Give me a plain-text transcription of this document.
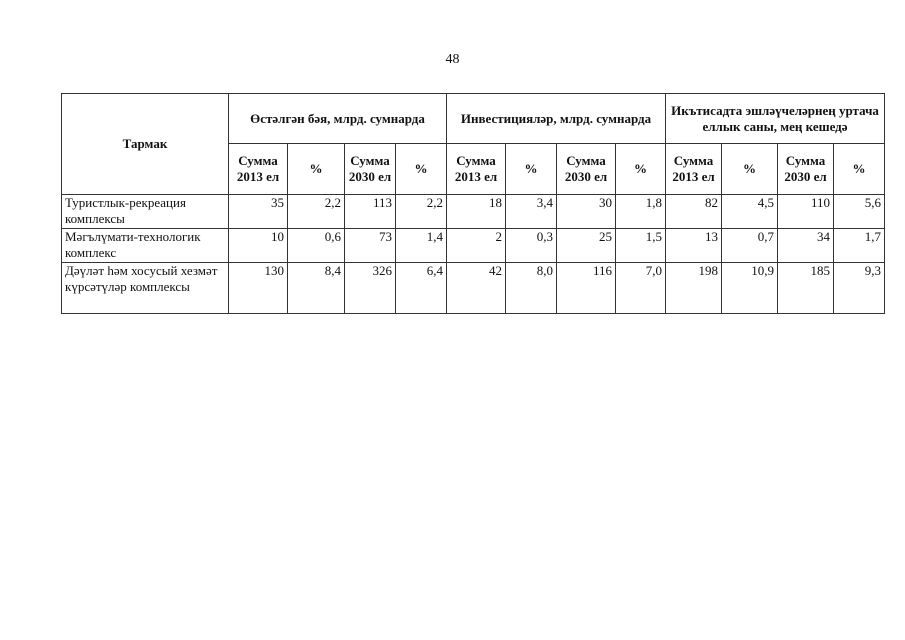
48
Тармак	Өстәлгән бәя, млрд. сумнарда				Инвестицияләр, млрд. сумнарда				Икътисадта эшләүчеләрнең уртача еллык саны, мең кешедә			
	Сумма 2013 ел	%	Сумма 2030 ел	%	Сумма 2013 ел	%	Сумма 2030 ел	%	Сумма 2013 ел	%	Сумма 2030 ел	%
Туристлык-рекреация комплексы	35	2,2	113	2,2	18	3,4	30	1,8	82	4,5	110	5,6
Мәгълүмати-технологик комплекс	10	0,6	73	1,4	2	0,3	25	1,5	13	0,7	34	1,7
Дәүләт һәм хосусый хезмәт күрсәтүләр комплексы	130	8,4	326	6,4	42	8,0	116	7,0	198	10,9	185	9,3
